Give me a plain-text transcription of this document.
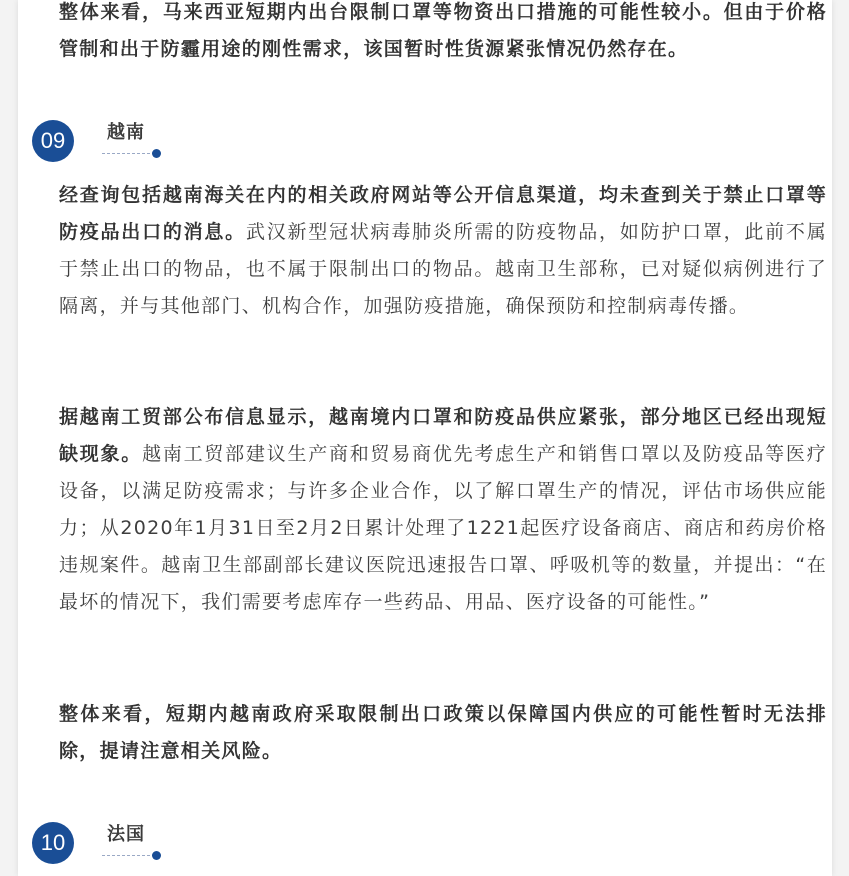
整体来看，马来西亚短期内出台限制口罩等物资出口措施的可能性较小。但由于价格管制和出于防霾用途的刚性需求，该国暂时性货源紧张情况仍然存在。

09	越南

经查询包括越南海关在内的相关政府网站等公开信息渠道，均未查到关于禁止口罩等防疫品出口的消息。武汉新型冠状病毒肺炎所需的防疫物品，如防护口罩，此前不属于禁止出口的物品，也不属于限制出口的物品。越南卫生部称，已对疑似病例进行了隔离，并与其他部门、机构合作，加强防疫措施，确保预防和控制病毒传播。

据越南工贸部公布信息显示，越南境内口罩和防疫品供应紧张，部分地区已经出现短缺现象。越南工贸部建议生产商和贸易商优先考虑生产和销售口罩以及防疫品等医疗设备，以满足防疫需求；与许多企业合作，以了解口罩生产的情况，评估市场供应能力；从2020年1月31日至2月2日累计处理了1221起医疗设备商店、商店和药房价格违规案件。越南卫生部副部长建议医院迅速报告口罩、呼吸机等的数量，并提出：“在最坏的情况下，我们需要考虑库存一些药品、用品、医疗设备的可能性。”

整体来看，短期内越南政府采取限制出口政策以保障国内供应的可能性暂时无法排除，提请注意相关风险。

10	法国
